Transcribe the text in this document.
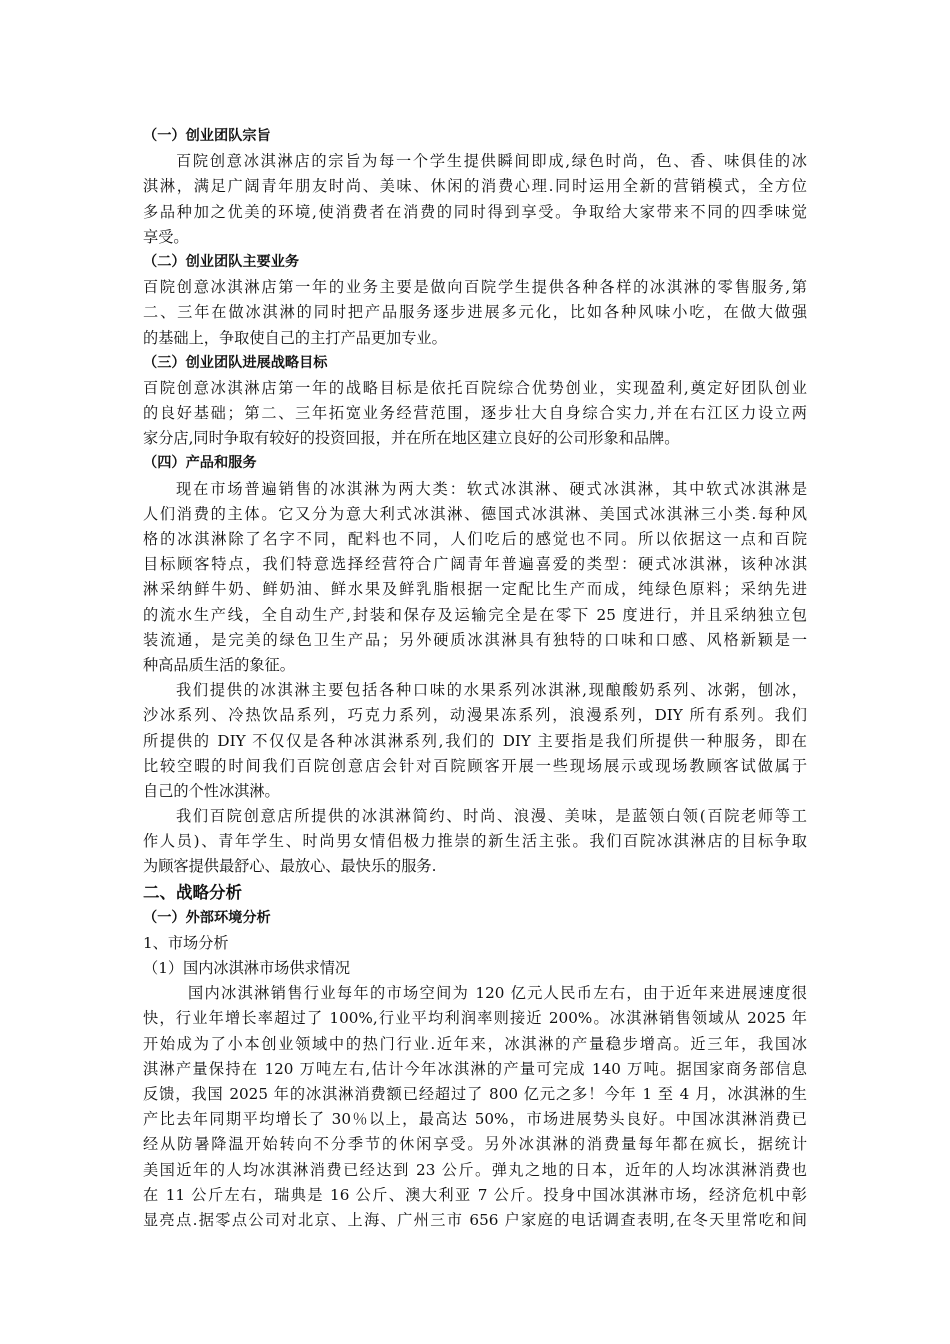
（一）创业团队宗旨
百院创意冰淇淋店的宗旨为每一个学生提供瞬间即成,绿色时尚，色、香、味俱佳的冰
淇淋，满足广阔青年朋友时尚、美味、休闲的消费心理.同时运用全新的营销模式，全方位
多品种加之优美的环境,使消费者在消费的同时得到享受。争取给大家带来不同的四季味觉
享受。
（二）创业团队主要业务
百院创意冰淇淋店第一年的业务主要是做向百院学生提供各种各样的冰淇淋的零售服务,第
二、三年在做冰淇淋的同时把产品服务逐步进展多元化，比如各种风味小吃，在做大做强
的基础上，争取使自己的主打产品更加专业。
（三）创业团队进展战略目标
百院创意冰淇淋店第一年的战略目标是依托百院综合优势创业，实现盈利,奠定好团队创业
的良好基础；第二、三年拓宽业务经营范围，逐步壮大自身综合实力,并在右江区力设立两
家分店,同时争取有较好的投资回报，并在所在地区建立良好的公司形象和品牌。
（四）产品和服务
现在市场普遍销售的冰淇淋为两大类：软式冰淇淋、硬式冰淇淋，其中软式冰淇淋是
人们消费的主体。它又分为意大利式冰淇淋、德国式冰淇淋、美国式冰淇淋三小类.每种风
格的冰淇淋除了名字不同，配料也不同，人们吃后的感觉也不同。所以依据这一点和百院
目标顾客特点，我们特意选择经营符合广阔青年普遍喜爱的类型：硬式冰淇淋，该种冰淇
淋采纳鲜牛奶、鲜奶油、鲜水果及鲜乳脂根据一定配比生产而成，纯绿色原料；采纳先进
的流水生产线，全自动生产,封装和保存及运输完全是在零下 25 度进行，并且采纳独立包
装流通，是完美的绿色卫生产品；另外硬质冰淇淋具有独特的口味和口感、风格新颖是一
种高品质生活的象征。
我们提供的冰淇淋主要包括各种口味的水果系列冰淇淋,现酿酸奶系列、冰粥，刨冰，
沙冰系列、冷热饮品系列，巧克力系列，动漫果冻系列，浪漫系列，DIY 所有系列。我们
所提供的 DIY 不仅仅是各种冰淇淋系列,我们的 DIY 主要指是我们所提供一种服务，即在
比较空暇的时间我们百院创意店会针对百院顾客开展一些现场展示或现场教顾客试做属于
自己的个性冰淇淋。
我们百院创意店所提供的冰淇淋简约、时尚、浪漫、美味，是蓝领白领(百院老师等工
作人员)、青年学生、时尚男女情侣极力推崇的新生活主张。我们百院冰淇淋店的目标争取
为顾客提供最舒心、最放心、最快乐的服务.
二、战略分析
（一）外部环境分析
1、市场分析
（1）国内冰淇淋市场供求情况
国内冰淇淋销售行业每年的市场空间为 120 亿元人民币左右，由于近年来进展速度很
快，行业年增长率超过了 100%,行业平均利润率则接近 200%。冰淇淋销售领域从 2025 年
开始成为了小本创业领域中的热门行业.近年来，冰淇淋的产量稳步增高。近三年，我国冰
淇淋产量保持在 120 万吨左右,估计今年冰淇淋的产量可完成 140 万吨。据国家商务部信息
反馈，我国 2025 年的冰淇淋消费额已经超过了 800 亿元之多！今年 1 至 4 月，冰淇淋的生
产比去年同期平均增长了 30％以上，最高达 50%，市场进展势头良好。中国冰淇淋消费已
经从防暑降温开始转向不分季节的休闲享受。另外冰淇淋的消费量每年都在疯长，据统计
美国近年的人均冰淇淋消费已经达到 23 公斤。弹丸之地的日本，近年的人均冰淇淋消费也
在 11 公斤左右，瑞典是 16 公斤、澳大利亚 7 公斤。投身中国冰淇淋市场，经济危机中彰
显亮点.据零点公司对北京、上海、广州三市 656 户家庭的电话调查表明,在冬天里常吃和间
